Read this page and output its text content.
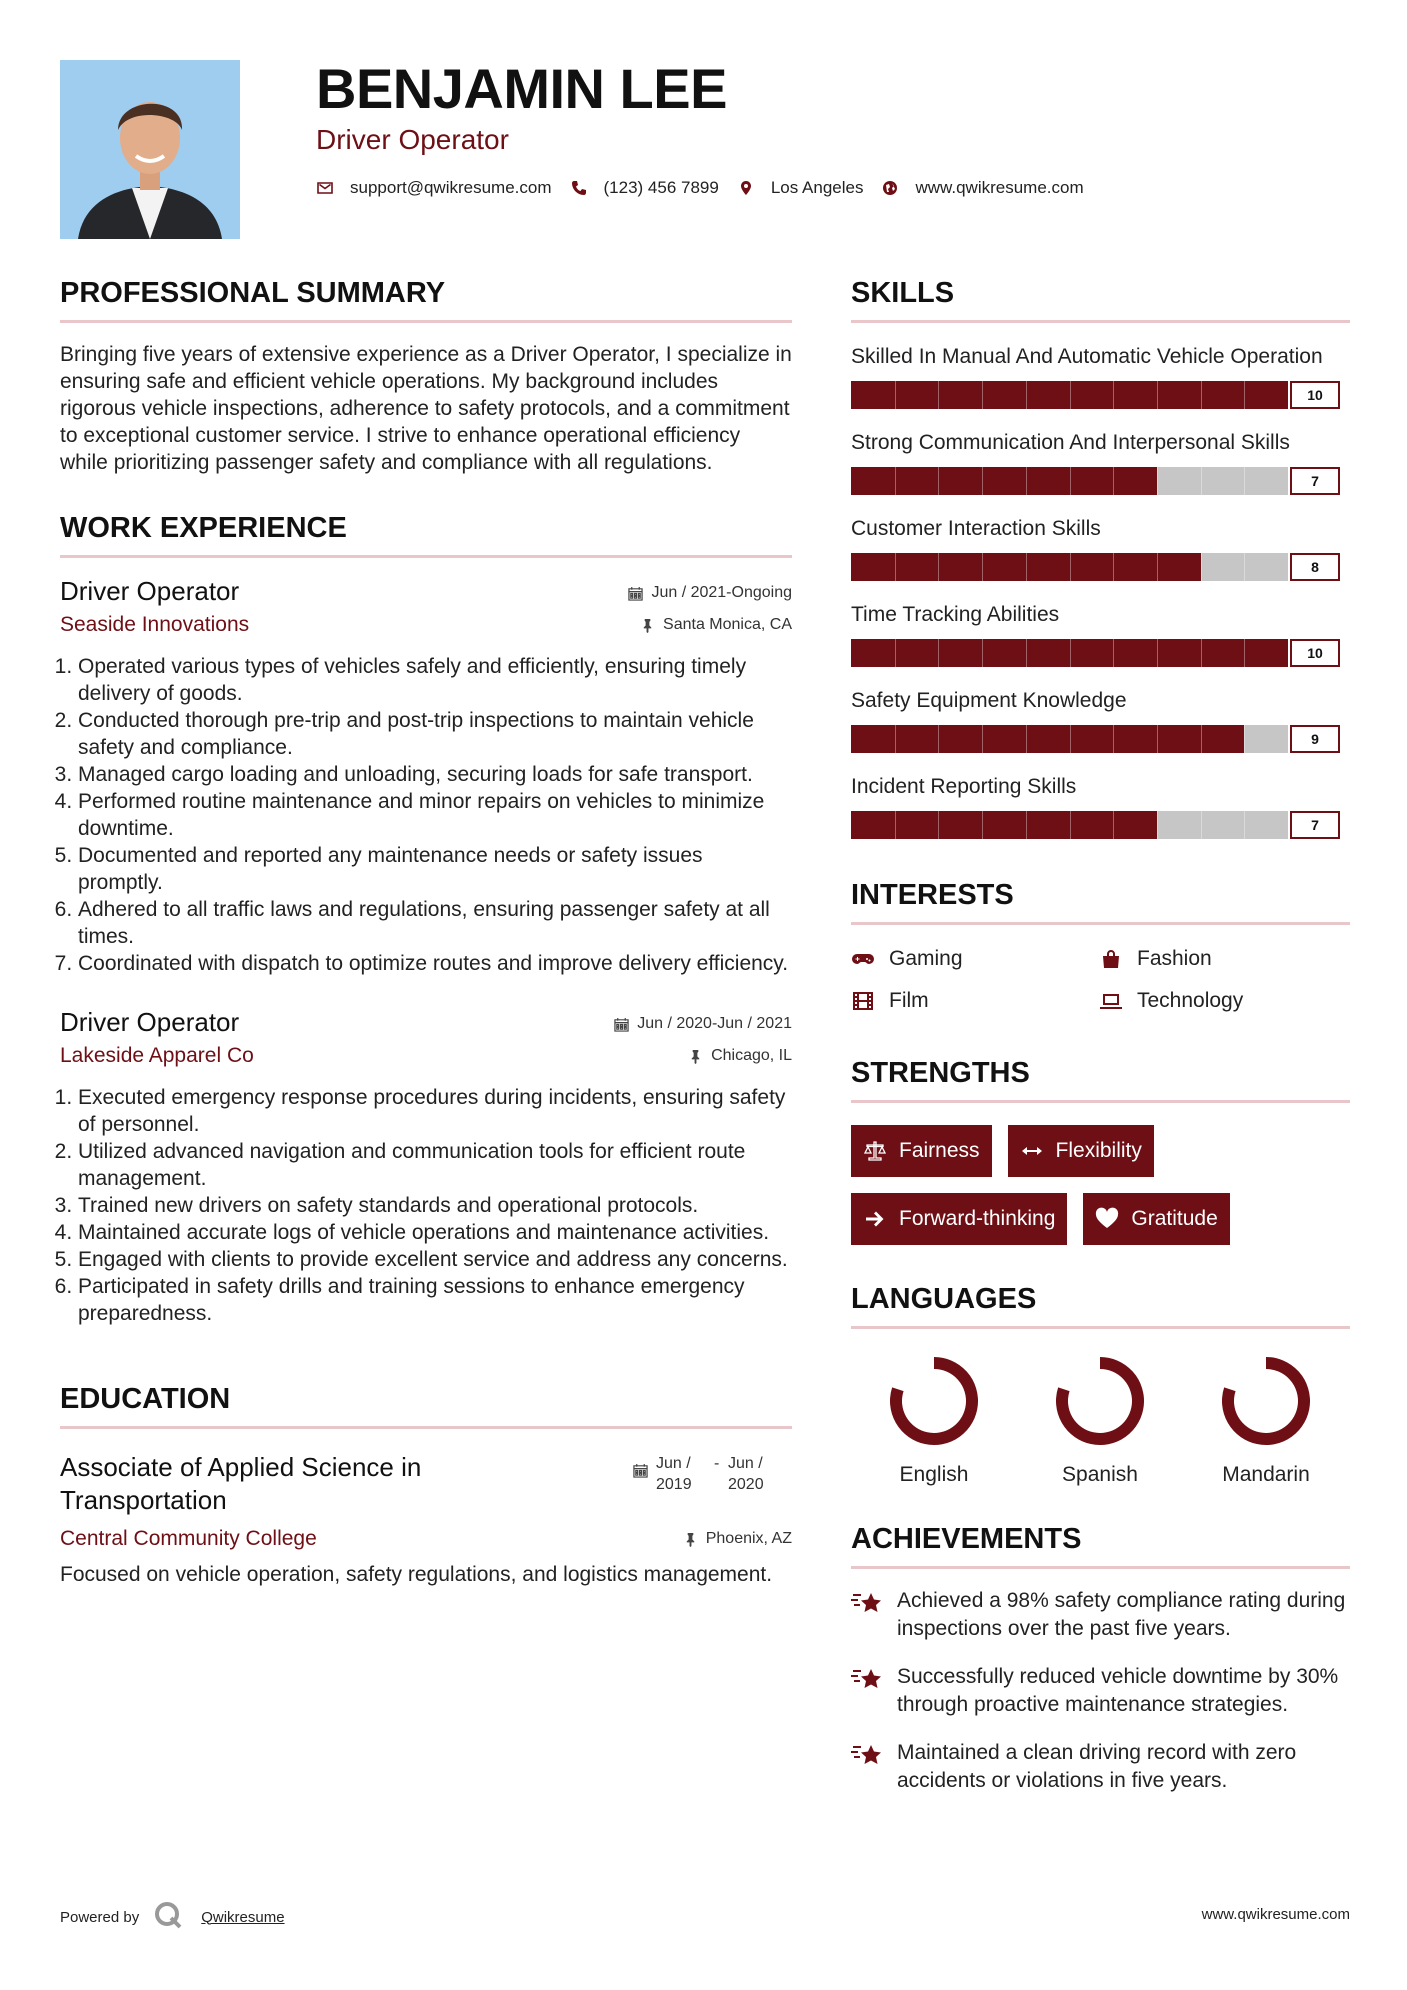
BENJAMIN LEE
Driver Operator
support@qwikresume.com	(123) 456 7899	Los Angeles	www.qwikresume.com
PROFESSIONAL SUMMARY
Bringing five years of extensive experience as a Driver Operator, I specialize in ensuring safe and efficient vehicle operations. My background includes rigorous vehicle inspections, adherence to safety protocols, and a commitment to exceptional customer service. I strive to enhance operational efficiency while prioritizing passenger safety and compliance with all regulations.
WORK EXPERIENCE
Driver Operator	Jun / 2021-Ongoing
Seaside Innovations	Santa Monica, CA
1. Operated various types of vehicles safely and efficiently, ensuring timely delivery of goods.
2. Conducted thorough pre-trip and post-trip inspections to maintain vehicle safety and compliance.
3. Managed cargo loading and unloading, securing loads for safe transport.
4. Performed routine maintenance and minor repairs on vehicles to minimize downtime.
5. Documented and reported any maintenance needs or safety issues promptly.
6. Adhered to all traffic laws and regulations, ensuring passenger safety at all times.
7. Coordinated with dispatch to optimize routes and improve delivery efficiency.
Driver Operator	Jun / 2020-Jun / 2021
Lakeside Apparel Co	Chicago, IL
1. Executed emergency response procedures during incidents, ensuring safety of personnel.
2. Utilized advanced navigation and communication tools for efficient route management.
3. Trained new drivers on safety standards and operational protocols.
4. Maintained accurate logs of vehicle operations and maintenance activities.
5. Engaged with clients to provide excellent service and address any concerns.
6. Participated in safety drills and training sessions to enhance emergency preparedness.
EDUCATION
Associate of Applied Science in Transportation
Jun / 2019
- Jun / 2020
Central Community College	Phoenix, AZ
Focused on vehicle operation, safety regulations, and logistics management.
SKILLS
Skilled In Manual And Automatic Vehicle Operation
10
Strong Communication And Interpersonal Skills
7
Customer Interaction Skills
8
Time Tracking Abilities
10
Safety Equipment Knowledge
9
Incident Reporting Skills
7
INTERESTS
Gaming	Fashion
Film	Technology
STRENGTHS
Fairness	Flexibility
Forward-thinking	Gratitude
LANGUAGES
English	Spanish	Mandarin
ACHIEVEMENTS
Achieved a 98% safety compliance rating during inspections over the past five years.
Successfully reduced vehicle downtime by 30% through proactive maintenance strategies.
Maintained a clean driving record with zero accidents or violations in five years.
Powered by	Qwikresume	www.qwikresume.com
